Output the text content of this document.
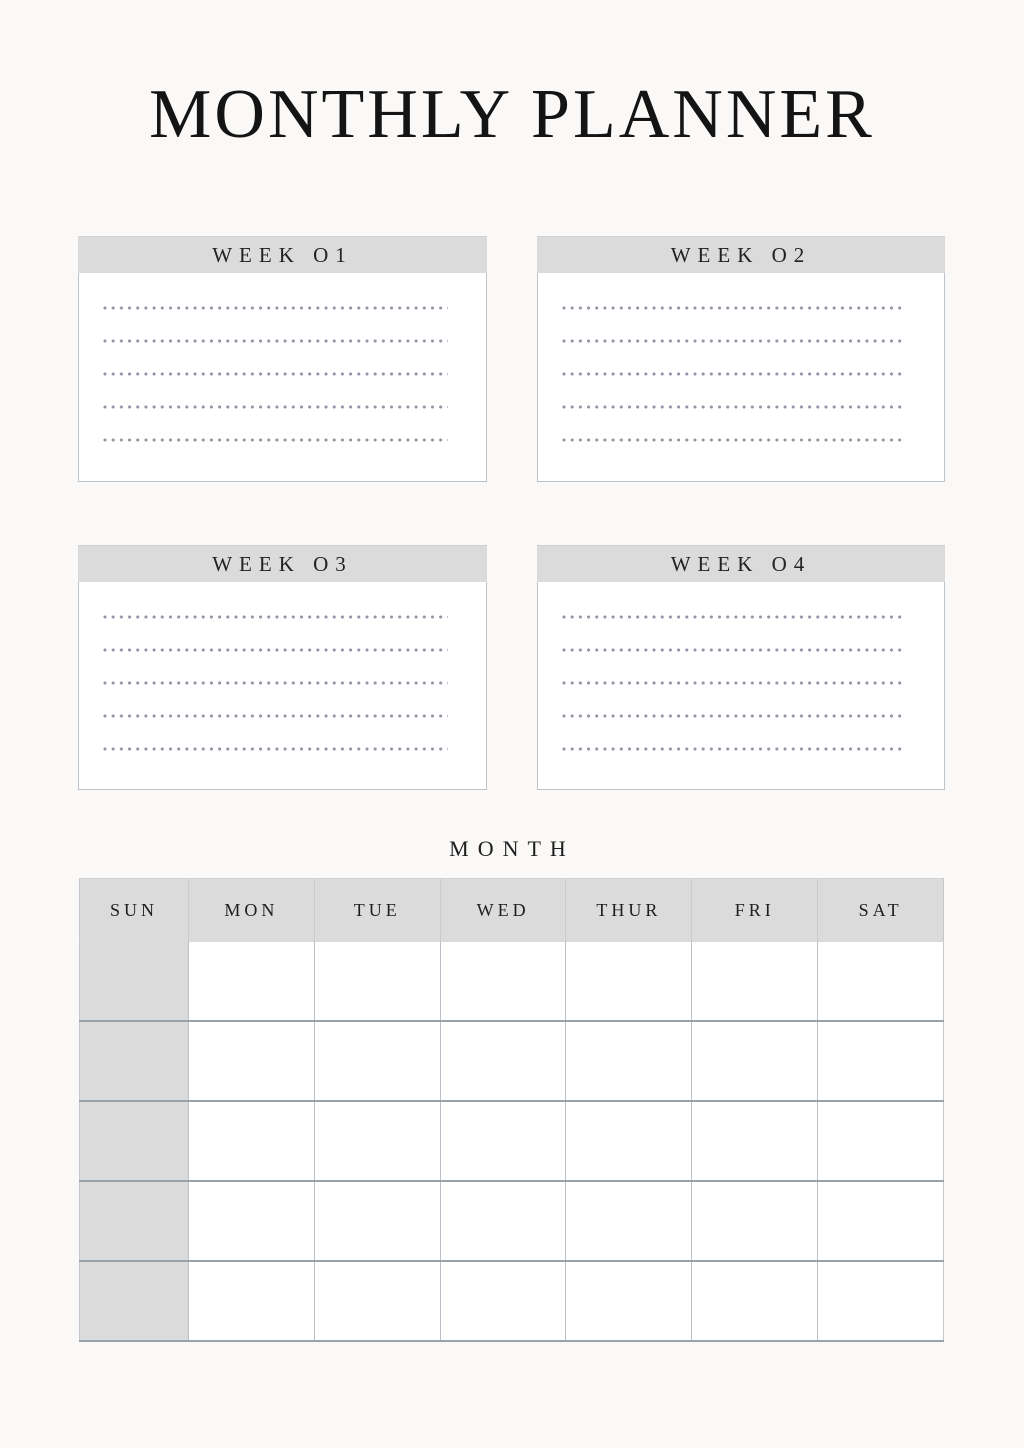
MONTHLY PLANNER
WEEK O1	WEEK O2
WEEK O3	WEEK O4
MONTH
SUN	MON	TUE	WED	THUR	FRI	SAT
